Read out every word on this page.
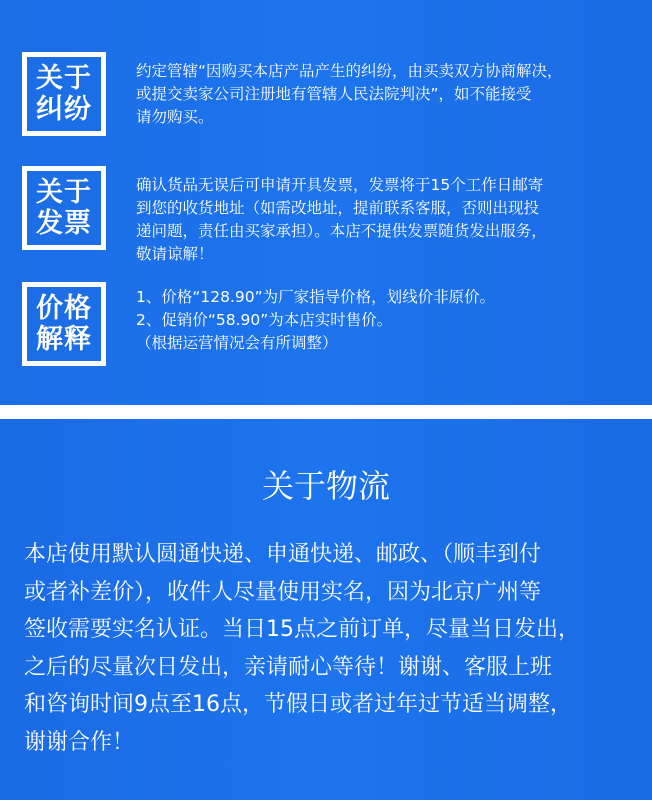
关于
纠纷
约定管辖“因购买本店产品产生的纠纷，由买卖双方协商解决，
或提交卖家公司注册地有管辖人民法院判决”，如不能接受
请勿购买。
关于
发票
确认货品无误后可申请开具发票，发票将于15个工作日邮寄
到您的收货地址（如需改地址，提前联系客服，否则出现投
递问题，责任由买家承担）。本店不提供发票随货发出服务，
敬请谅解！
价格
解释
1、价格“128.90”为厂家指导价格，划线价非原价。
2、促销价“58.90”为本店实时售价。
（根据运营情况会有所调整）
关于物流
本店使用默认圆通快递、申通快递、邮政、（顺丰到付
或者补差价），收件人尽量使用实名，因为北京广州等
签收需要实名认证。当日15点之前订单，尽量当日发出，
之后的尽量次日发出，亲请耐心等待！谢谢、客服上班
和咨询时间9点至16点，节假日或者过年过节适当调整，
谢谢合作！
